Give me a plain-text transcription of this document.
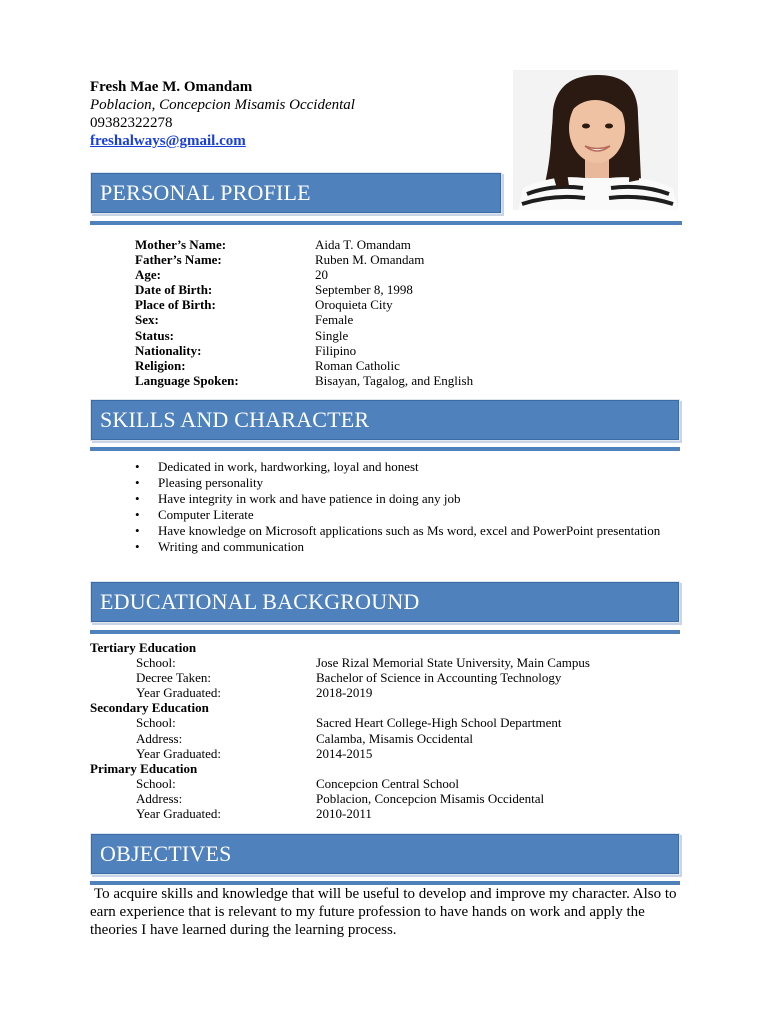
Fresh Mae M. Omandam
Poblacion, Concepcion Misamis Occidental
09382322278
freshalways@gmail.com
PERSONAL PROFILE
Mother’s Name:	Aida T. Omandam
Father’s Name:	Ruben M. Omandam
Age:	20
Date of Birth:	September 8, 1998
Place of Birth:	Oroquieta City
Sex:	Female
Status:	Single
Nationality:	Filipino
Religion:	Roman Catholic
Language Spoken:	Bisayan, Tagalog, and English
SKILLS AND CHARACTER
• Dedicated in work, hardworking, loyal and honest
• Pleasing personality
• Have integrity in work and have patience in doing any job
• Computer Literate
• Have knowledge on Microsoft applications such as Ms word, excel and PowerPoint presentation
• Writing and communication
EDUCATIONAL BACKGROUND
Tertiary Education
School:	Jose Rizal Memorial State University, Main Campus
Decree Taken:	Bachelor of Science in Accounting Technology
Year Graduated:	2018-2019
Secondary Education
School:	Sacred Heart College-High School Department
Address:	Calamba, Misamis Occidental
Year Graduated:	2014-2015
Primary Education
School:	Concepcion Central School
Address:	Poblacion, Concepcion Misamis Occidental
Year Graduated:	2010-2011
OBJECTIVES
To acquire skills and knowledge that will be useful to develop and improve my character. Also to earn experience that is relevant to my future profession to have hands on work and apply the theories I have learned during the learning process.
